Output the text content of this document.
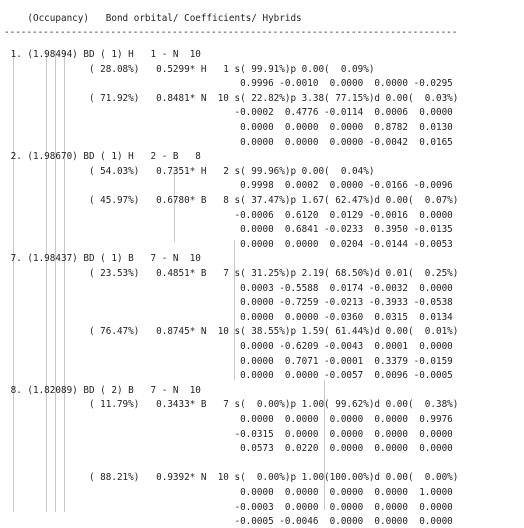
(Occupancy)   Bond orbital/ Coefficients/ Hybrids
---------------------------------------------------------------------------------
1. (1.98494) BD ( 1) H   1 - N  10
( 28.08%)   0.5299* H   1 s( 99.91%)p 0.00(  0.09%)
0.9996 -0.0010  0.0000  0.0000 -0.0295
( 71.92%)   0.8481* N  10 s( 22.82%)p 3.38( 77.15%)d 0.00(  0.03%)
-0.0002  0.4776 -0.0114  0.0006  0.0000
0.0000  0.0000  0.0000  0.8782  0.0130
0.0000  0.0000  0.0000 -0.0042  0.0165
2. (1.98670) BD ( 1) H   2 - B   8
( 54.03%)   0.7351* H   2 s( 99.96%)p 0.00(  0.04%)
0.9998  0.0002  0.0000 -0.0166 -0.0096
( 45.97%)   0.6780* B   8 s( 37.47%)p 1.67( 62.47%)d 0.00(  0.07%)
-0.0006  0.6120  0.0129 -0.0016  0.0000
0.0000  0.6841 -0.0233  0.3950 -0.0135
0.0000  0.0000  0.0204 -0.0144 -0.0053
7. (1.98437) BD ( 1) B   7 - N  10
( 23.53%)   0.4851* B   7 s( 31.25%)p 2.19( 68.50%)d 0.01(  0.25%)
0.0003 -0.5588  0.0174 -0.0032  0.0000
0.0000 -0.7259 -0.0213 -0.3933 -0.0538
0.0000  0.0000 -0.0360  0.0315  0.0134
( 76.47%)   0.8745* N  10 s( 38.55%)p 1.59( 61.44%)d 0.00(  0.01%)
0.0000 -0.6209 -0.0043  0.0001  0.0000
0.0000  0.7071 -0.0001  0.3379 -0.0159
0.0000  0.0000 -0.0057  0.0096 -0.0005
8. (1.82089) BD ( 2) B   7 - N  10
( 11.79%)   0.3433* B   7 s(  0.00%)p 1.00( 99.62%)d 0.00(  0.38%)
0.0000  0.0000  0.0000  0.0000  0.9976
-0.0315  0.0000  0.0000  0.0000  0.0000
0.0573  0.0220  0.0000  0.0000  0.0000
( 88.21%)   0.9392* N  10 s(  0.00%)p 1.00(100.00%)d 0.00(  0.00%)
0.0000  0.0000  0.0000  0.0000  1.0000
-0.0003  0.0000  0.0000  0.0000  0.0000
-0.0005 -0.0046  0.0000  0.0000  0.0000
